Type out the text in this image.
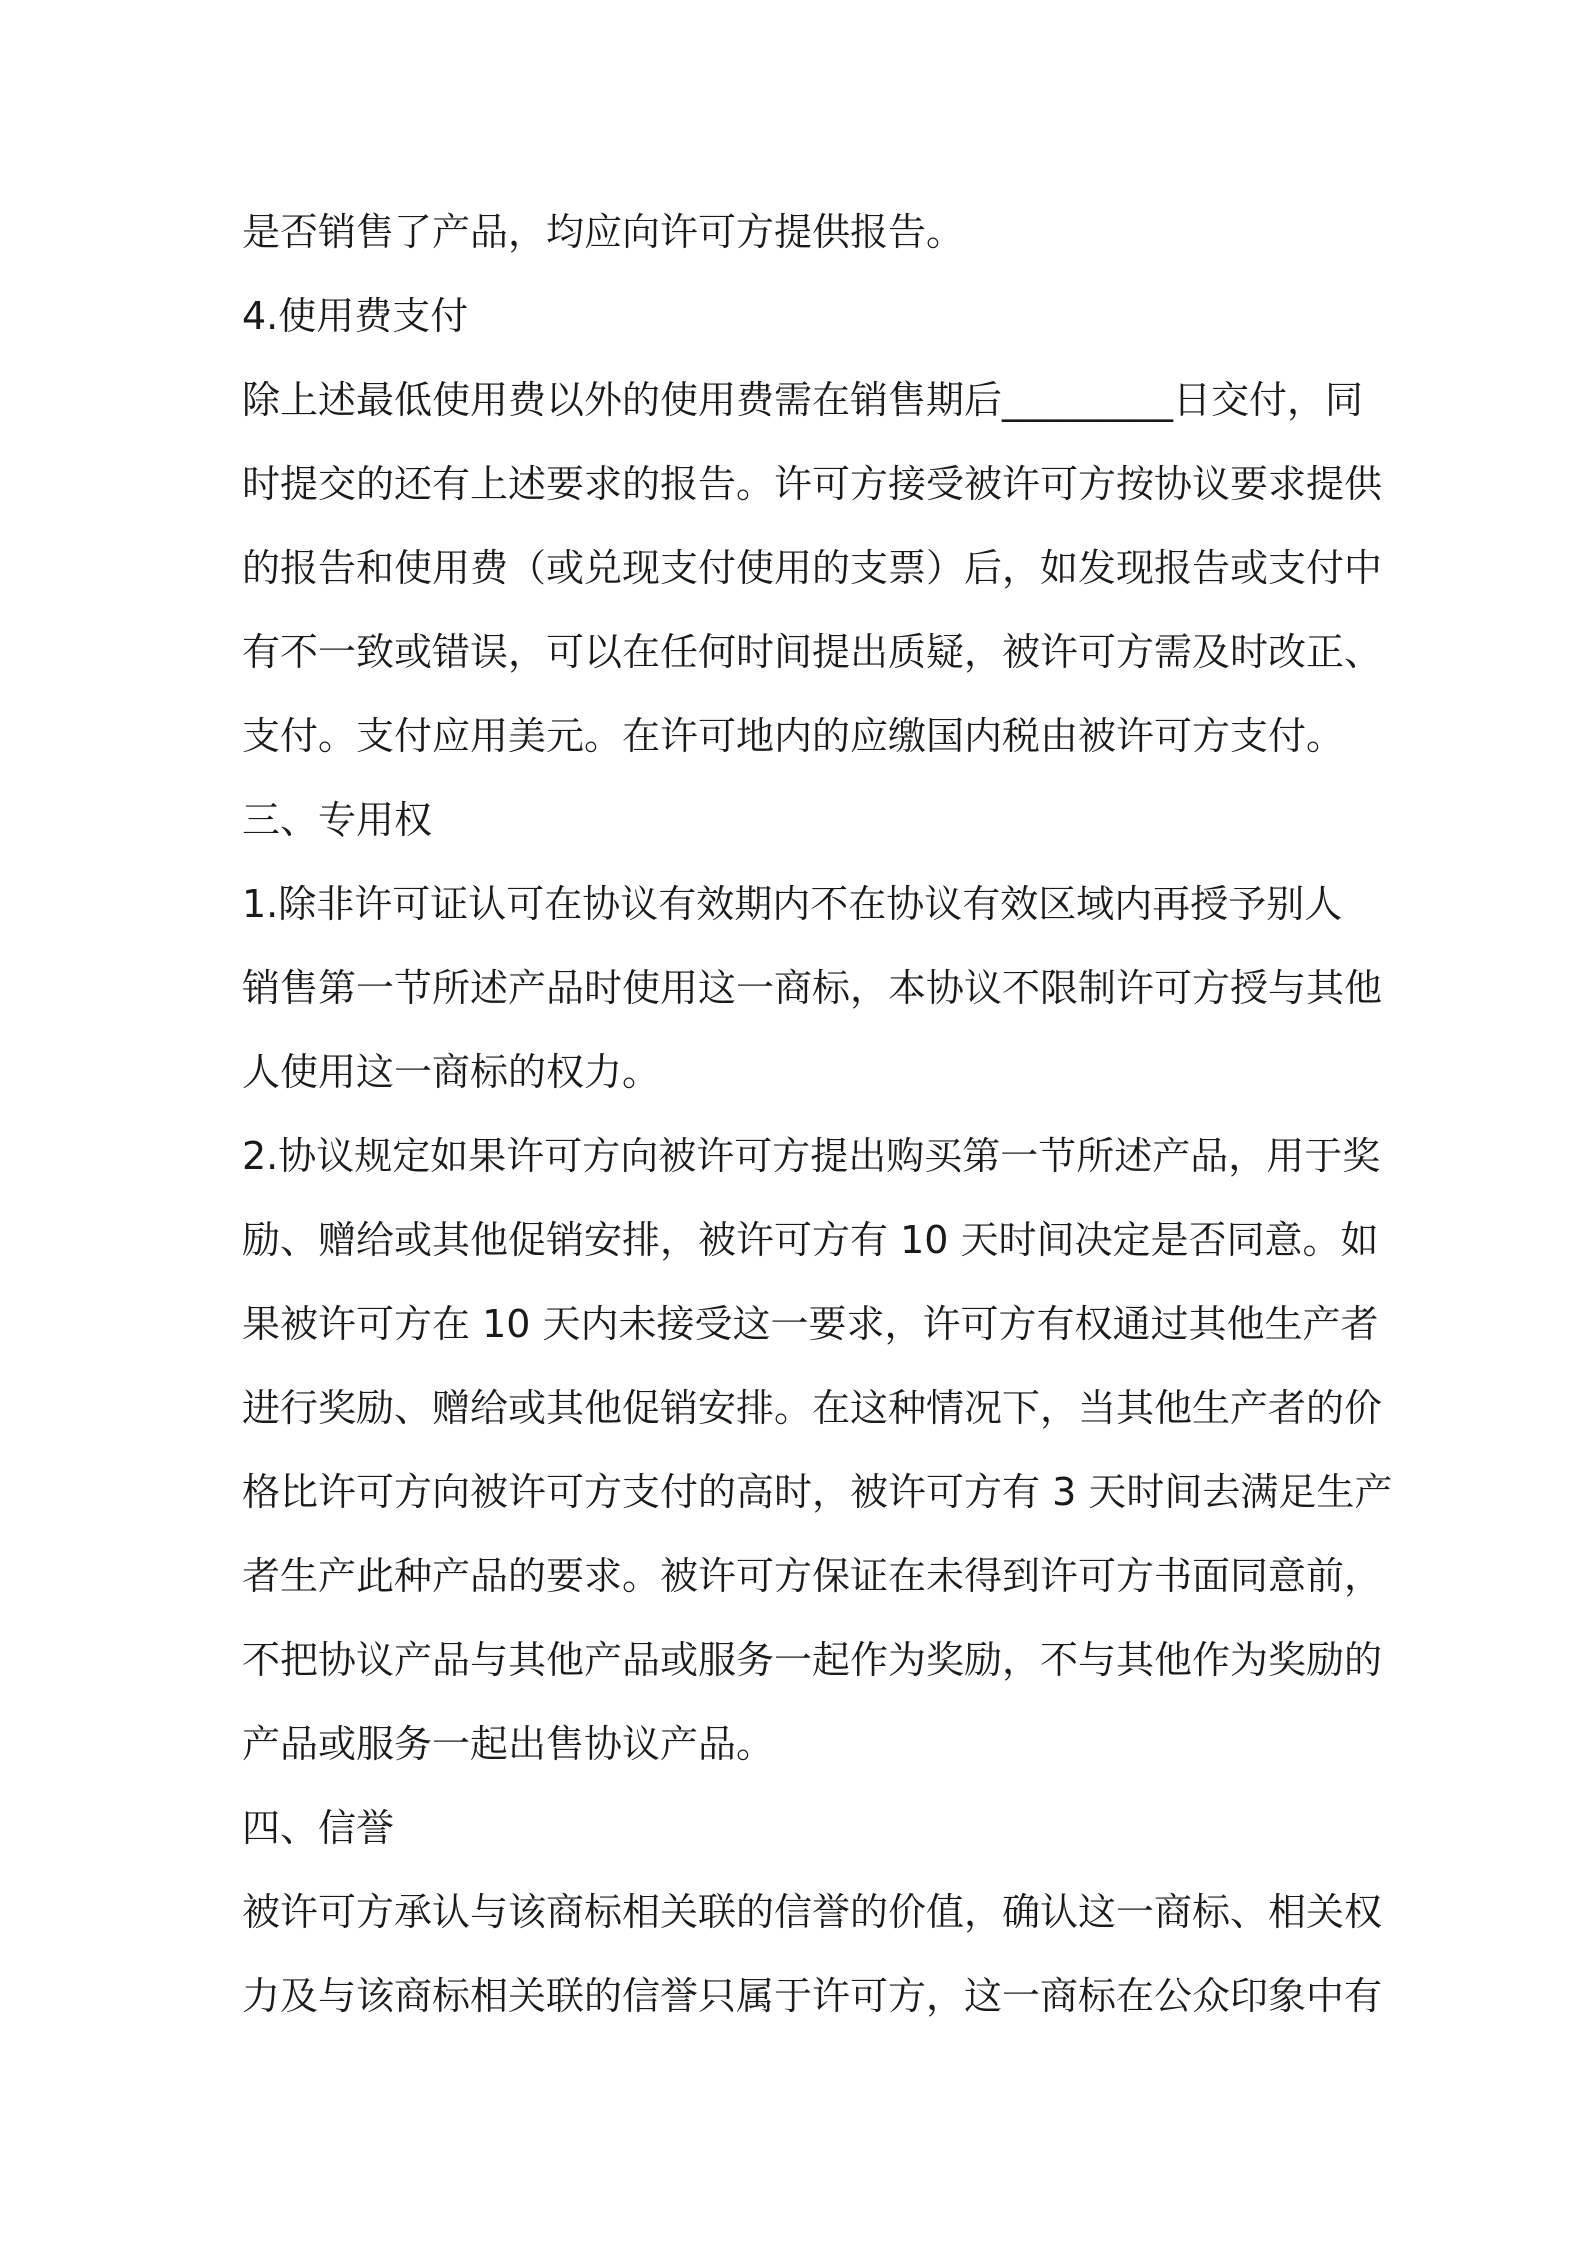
是否销售了产品，均应向许可方提供报告。
4.使用费支付
除上述最低使用费以外的使用费需在销售期后_________日交付，同
时提交的还有上述要求的报告。许可方接受被许可方按协议要求提供
的报告和使用费（或兑现支付使用的支票）后，如发现报告或支付中
有不一致或错误，可以在任何时间提出质疑，被许可方需及时改正、
支付。支付应用美元。在许可地内的应缴国内税由被许可方支付。
三、专用权
1.除非许可证认可在协议有效期内不在协议有效区域内再授予别人
销售第一节所述产品时使用这一商标，本协议不限制许可方授与其他
人使用这一商标的权力。
2.协议规定如果许可方向被许可方提出购买第一节所述产品，用于奖
励、赠给或其他促销安排，被许可方有 10 天时间决定是否同意。如
果被许可方在 10 天内未接受这一要求，许可方有权通过其他生产者
进行奖励、赠给或其他促销安排。在这种情况下，当其他生产者的价
格比许可方向被许可方支付的高时，被许可方有 3 天时间去满足生产
者生产此种产品的要求。被许可方保证在未得到许可方书面同意前，
不把协议产品与其他产品或服务一起作为奖励，不与其他作为奖励的
产品或服务一起出售协议产品。
四、信誉
被许可方承认与该商标相关联的信誉的价值，确认这一商标、相关权
力及与该商标相关联的信誉只属于许可方，这一商标在公众印象中有
